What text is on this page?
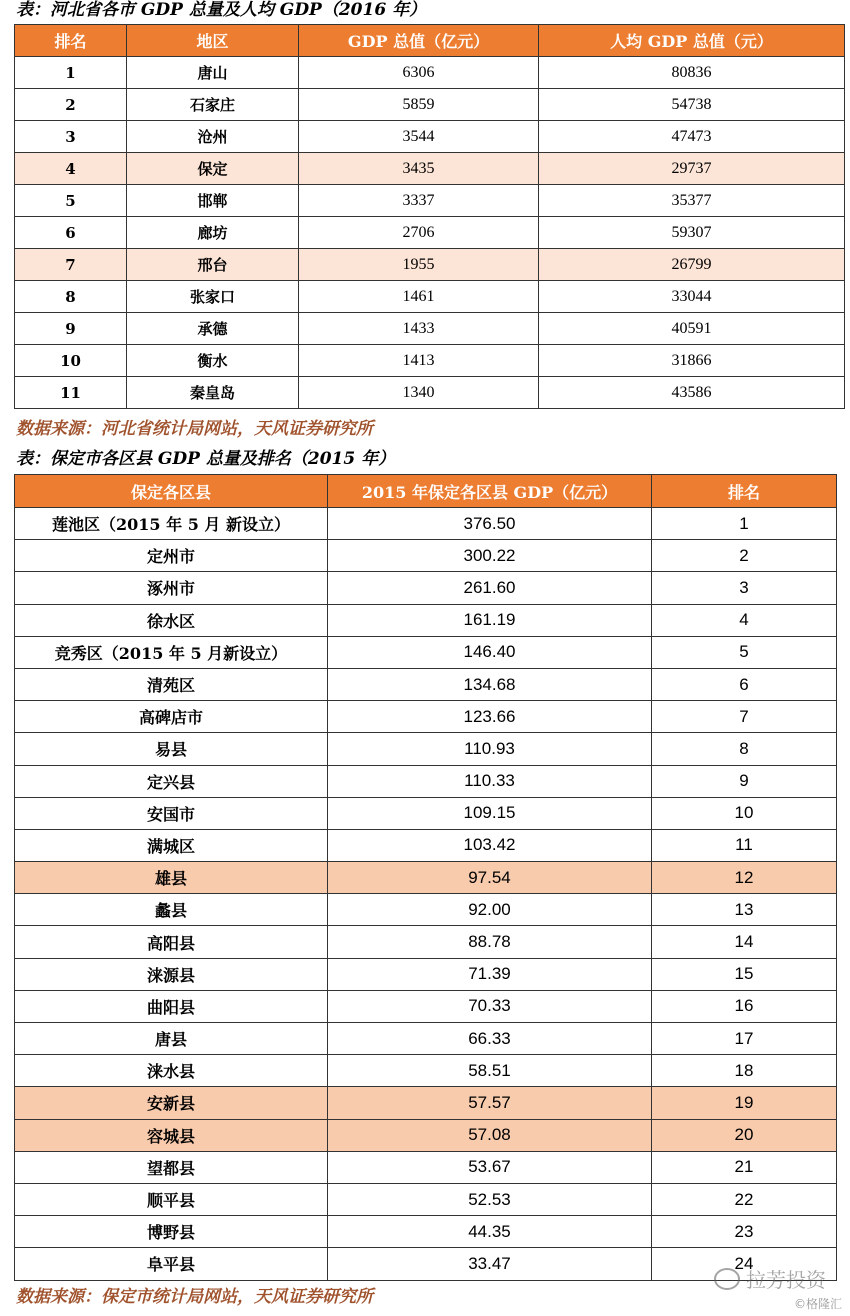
表：河北省各市 GDP 总量及人均 GDP（2016 年）
排名	地区	GDP 总值（亿元）	人均 GDP 总值（元）
1	唐山	6306	80836
2	石家庄	5859	54738
3	沧州	3544	47473
4	保定	3435	29737
5	邯郸	3337	35377
6	廊坊	2706	59307
7	邢台	1955	26799
8	张家口	1461	33044
9	承德	1433	40591
10	衡水	1413	31866
11	秦皇岛	1340	43586
数据来源：河北省统计局网站，天风证券研究所
表：保定市各区县 GDP 总量及排名（2015 年）
保定各区县	2015 年保定各区县 GDP（亿元）	排名
莲池区（2015 年 5 月 新设立）	376.50	1
定州市	300.22	2
涿州市	261.60	3
徐水区	161.19	4
竞秀区（2015 年 5 月新设立）	146.40	5
清苑区	134.68	6
高碑店市	123.66	7
易县	110.93	8
定兴县	110.33	9
安国市	109.15	10
满城区	103.42	11
雄县	97.54	12
蠡县	92.00	13
高阳县	88.78	14
涞源县	71.39	15
曲阳县	70.33	16
唐县	66.33	17
涞水县	58.51	18
安新县	57.57	19
容城县	57.08	20
望都县	53.67	21
顺平县	52.53	22
博野县	44.35	23
阜平县	33.47	24
数据来源：保定市统计局网站，天风证券研究所
拉芳投资
©格隆汇
